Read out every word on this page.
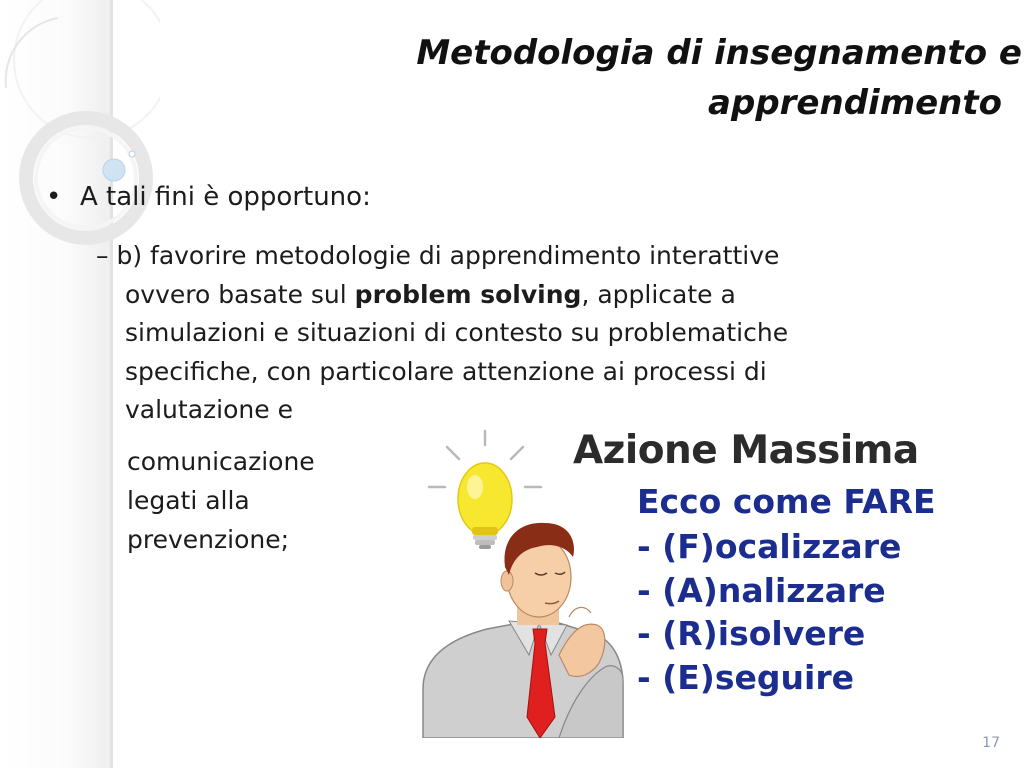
Metodologia di insegnamento e
apprendimento
• A tali fini è opportuno:
– b) favorire metodologie di apprendimento interattive ovvero basate sul problem solving, applicate a simulazioni e situazioni di contesto su problematiche specifiche, con particolare attenzione ai processi di valutazione e
comunicazione
legati alla
prevenzione;
Azione Massima
Ecco come FARE
- (F)ocalizzare
- (A)nalizzare
- (R)isolvere
- (E)seguire
17
